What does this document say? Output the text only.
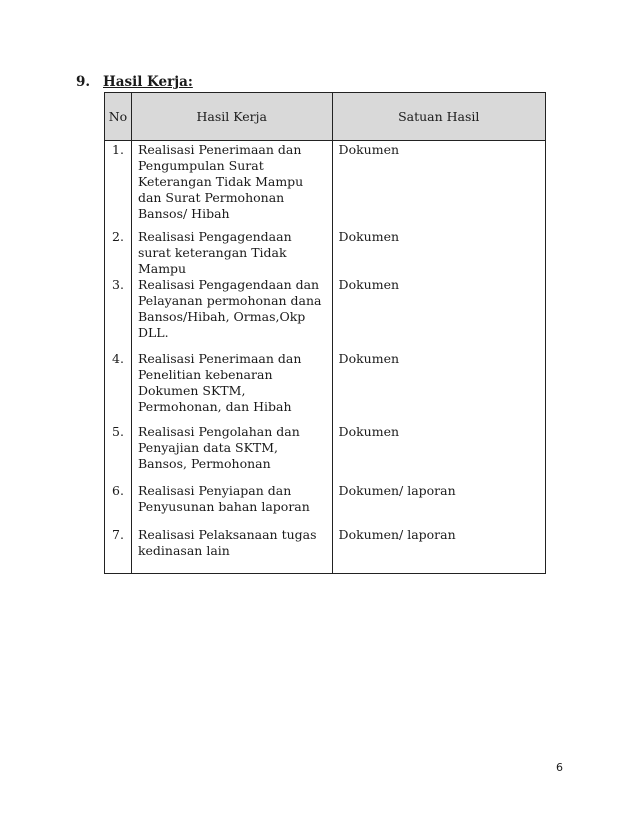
9. Hasil Kerja:
No	Hasil Kerja	Satuan Hasil
1.	Realisasi Penerimaan dan Pengumpulan Surat Keterangan Tidak Mampu dan Surat Permohonan Bansos/ Hibah	Dokumen
2.	Realisasi Pengagendaan surat keterangan Tidak Mampu	Dokumen
3.	Realisasi Pengagendaan dan Pelayanan permohonan dana Bansos/Hibah, Ormas,Okp DLL.	Dokumen
4.	Realisasi Penerimaan dan Penelitian kebenaran Dokumen SKTM, Permohonan, dan Hibah	Dokumen
5.	Realisasi Pengolahan dan Penyajian data SKTM, Bansos, Permohonan	Dokumen
6.	Realisasi Penyiapan dan Penyusunan bahan laporan	Dokumen/ laporan
7.	Realisasi Pelaksanaan tugas kedinasan lain	Dokumen/ laporan
6
